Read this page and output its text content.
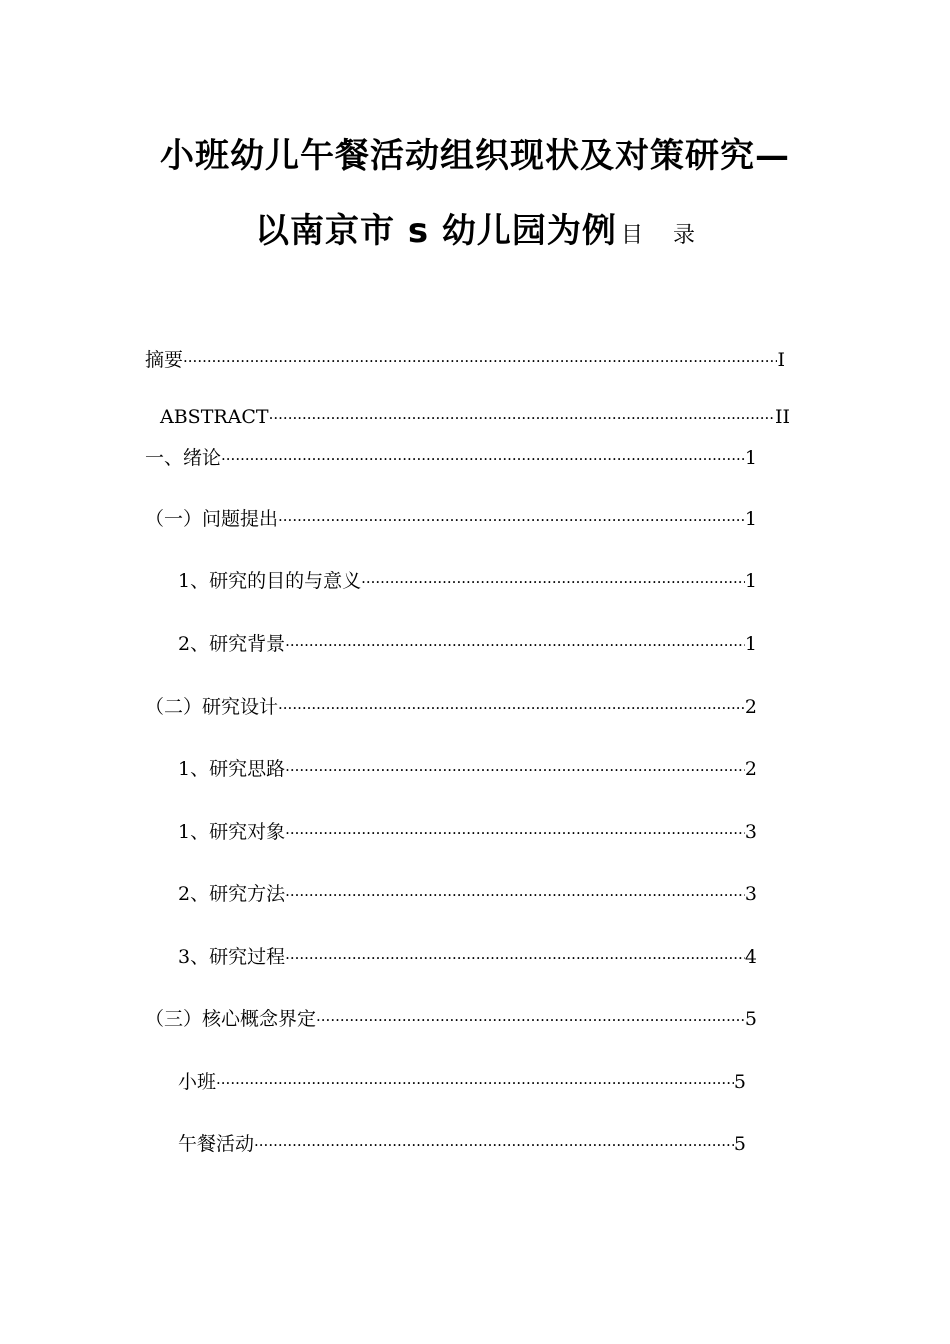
小班幼儿午餐活动组织现状及对策研究—
以南京市 s 幼儿园为例 目 录
摘要 ·····	Ⅰ
ABSTRACT ·····	II
一、绪论 ·····	1
（一）问题提出 ·····	1
1、研究的目的与意义 ·····	1
2、研究背景 ·····	1
（二）研究设计 ·····	2
1、研究思路 ·····	2
1、研究对象 ·····	3
2、研究方法 ·····	3
3、研究过程 ·····	4
（三）核心概念界定 ·····	5
小班 ·····	5
午餐活动 ·····	5
